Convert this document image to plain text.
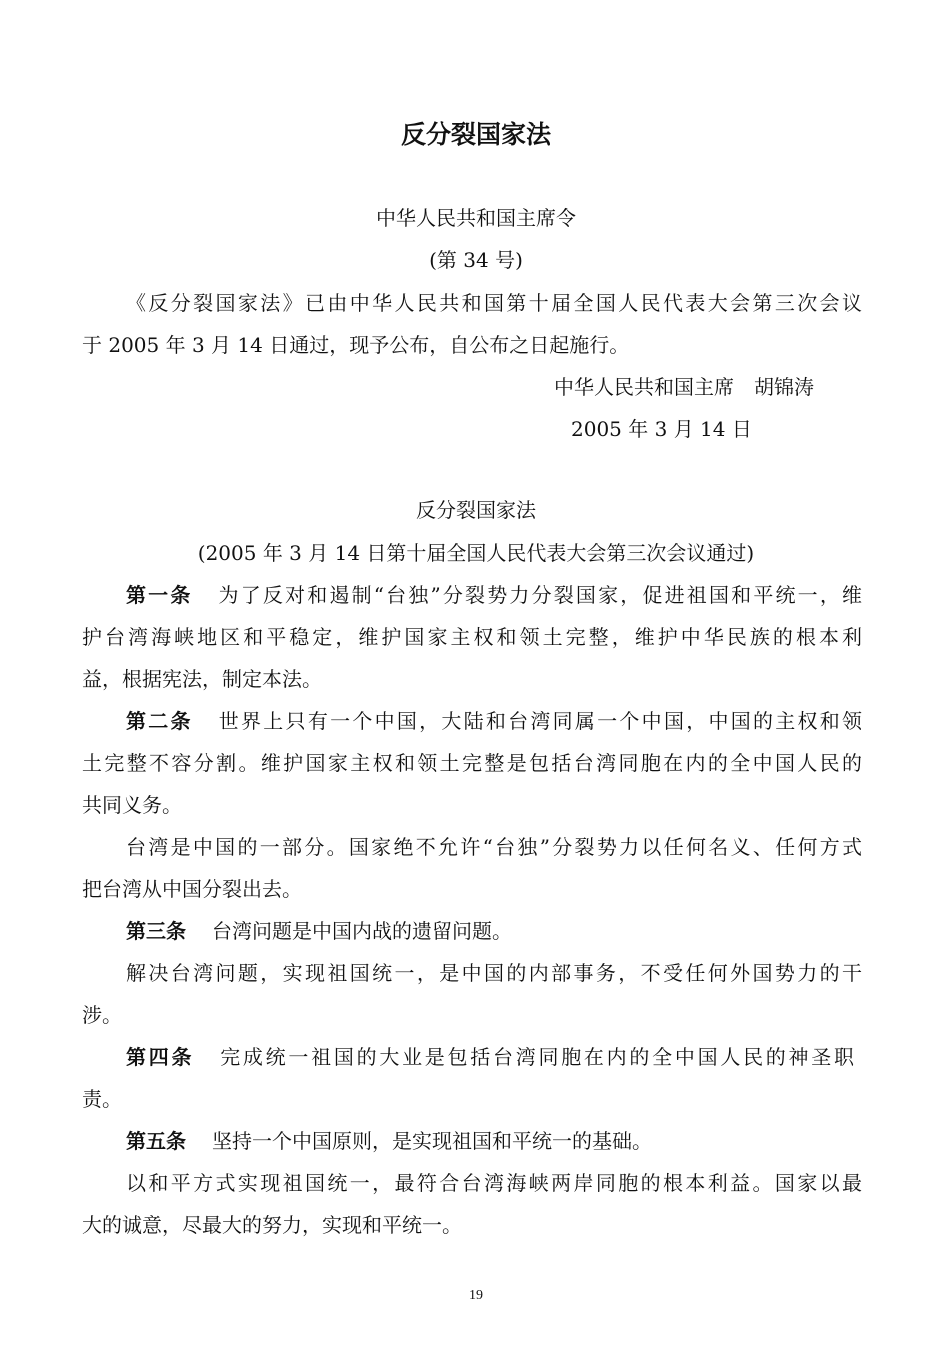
反分裂国家法
中华人民共和国主席令
(第 34 号)
《反分裂国家法》已由中华人民共和国第十届全国人民代表大会第三次会议
于 2005 年 3 月 14 日通过，现予公布，自公布之日起施行。
中华人民共和国主席　胡锦涛
2005 年 3 月 14 日
反分裂国家法
(2005 年 3 月 14 日第十届全国人民代表大会第三次会议通过)
第一条 为了反对和遏制“台独”分裂势力分裂国家，促进祖国和平统一，维
护台湾海峡地区和平稳定，维护国家主权和领土完整，维护中华民族的根本利
益，根据宪法，制定本法。
第二条 世界上只有一个中国，大陆和台湾同属一个中国，中国的主权和领
土完整不容分割。维护国家主权和领土完整是包括台湾同胞在内的全中国人民的
共同义务。
台湾是中国的一部分。国家绝不允许“台独”分裂势力以任何名义、任何方式
把台湾从中国分裂出去。
第三条 台湾问题是中国内战的遗留问题。
解决台湾问题，实现祖国统一，是中国的内部事务，不受任何外国势力的干
涉。
第四条 完成统一祖国的大业是包括台湾同胞在内的全中国人民的神圣职
责。
第五条 坚持一个中国原则，是实现祖国和平统一的基础。
以和平方式实现祖国统一，最符合台湾海峡两岸同胞的根本利益。国家以最
大的诚意，尽最大的努力，实现和平统一。
19
